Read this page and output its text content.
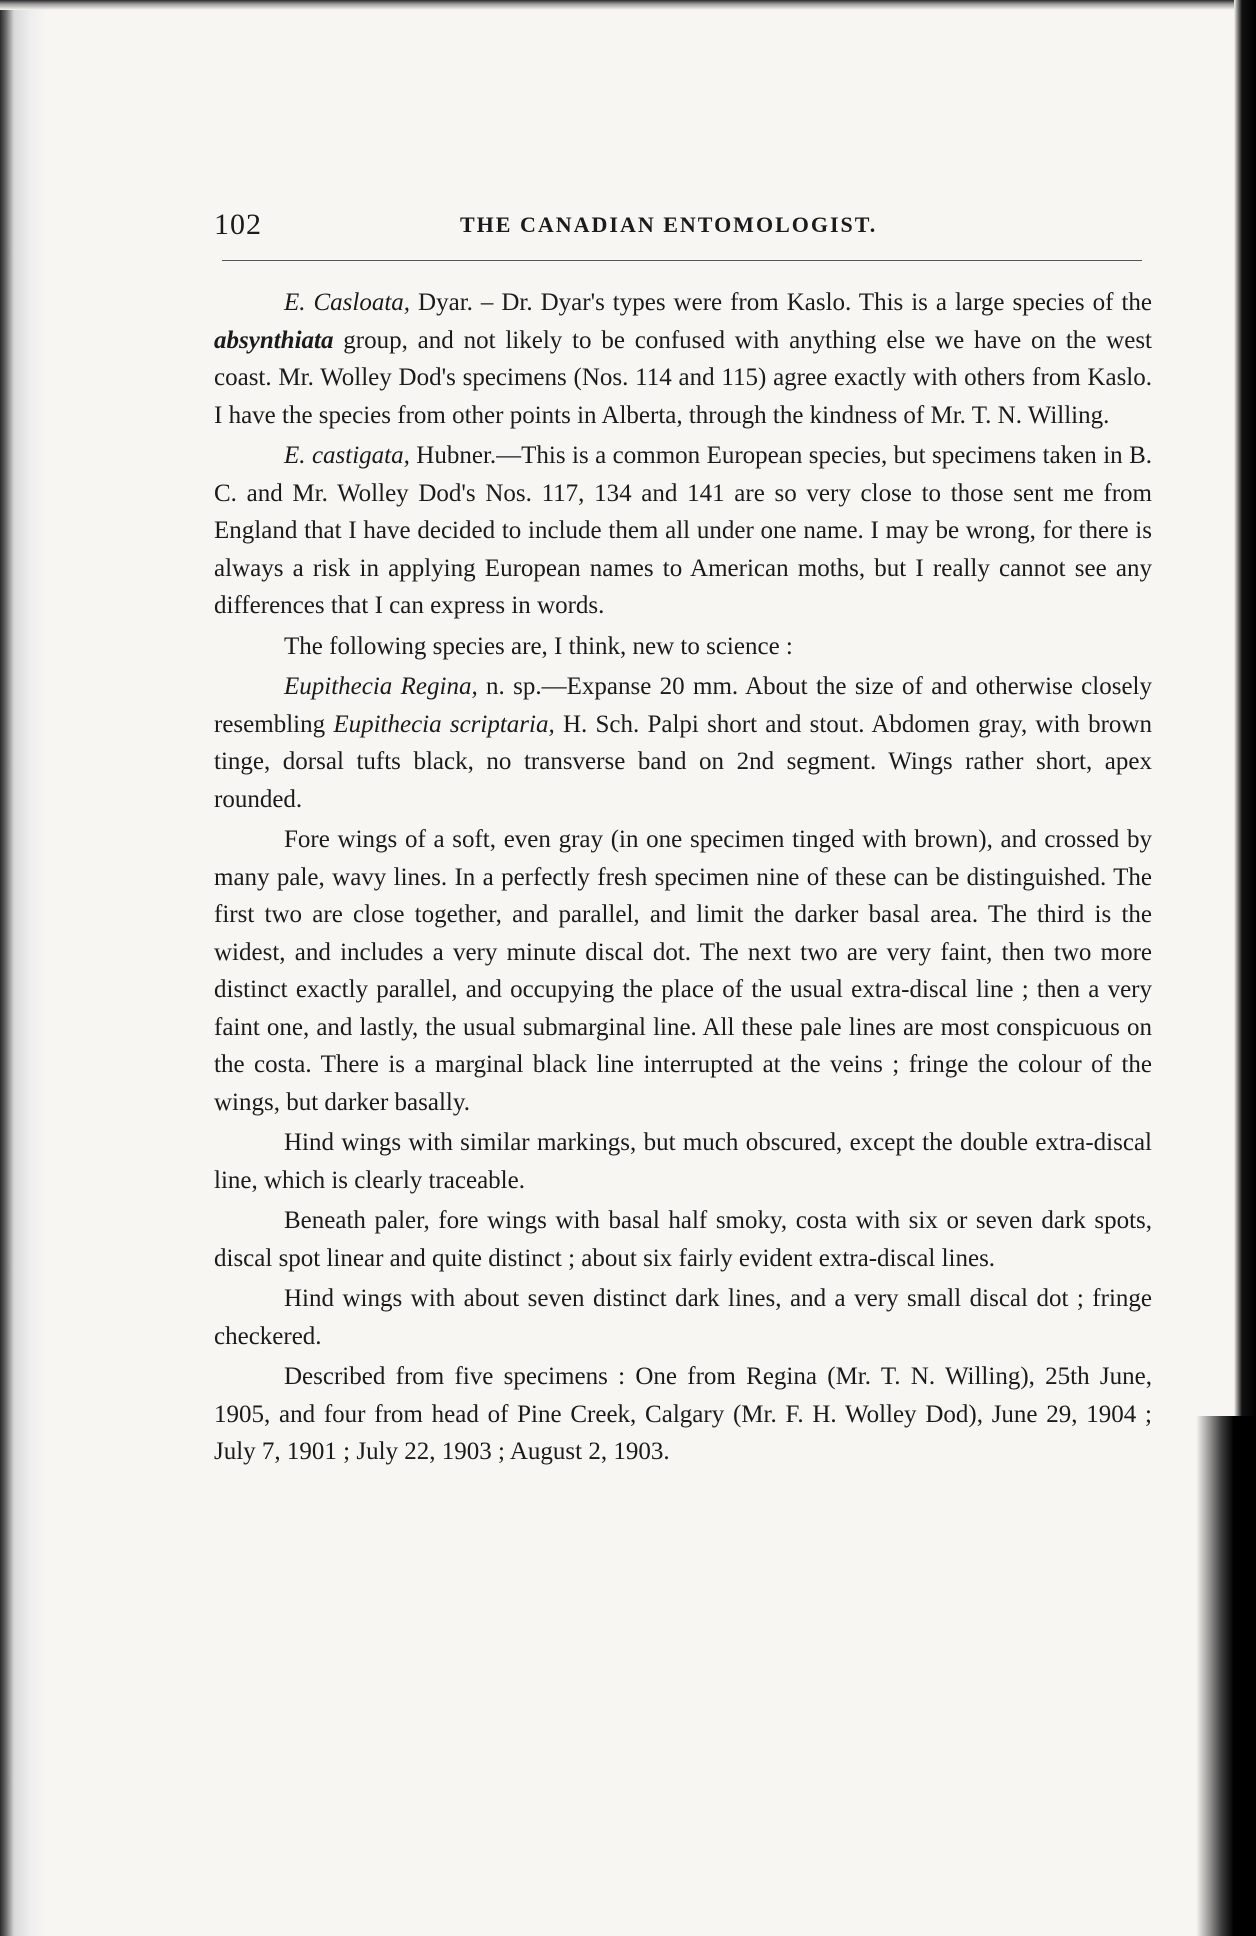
102	THE CANADIAN ENTOMOLOGIST.

E. Casloata, Dyar. – Dr. Dyar's types were from Kaslo. This is a large species of the absynthiata group, and not likely to be confused with anything else we have on the west coast. Mr. Wolley Dod's specimens (Nos. 114 and 115) agree exactly with others from Kaslo. I have the species from other points in Alberta, through the kindness of Mr. T. N. Willing.

E. castigata, Hubner.—This is a common European species, but specimens taken in B. C. and Mr. Wolley Dod's Nos. 117, 134 and 141 are so very close to those sent me from England that I have decided to include them all under one name. I may be wrong, for there is always a risk in applying European names to American moths, but I really cannot see any differences that I can express in words.

The following species are, I think, new to science :

Eupithecia Regina, n. sp.—Expanse 20 mm. About the size of and otherwise closely resembling Eupithecia scriptaria, H. Sch. Palpi short and stout. Abdomen gray, with brown tinge, dorsal tufts black, no transverse band on 2nd segment. Wings rather short, apex rounded.

Fore wings of a soft, even gray (in one specimen tinged with brown), and crossed by many pale, wavy lines. In a perfectly fresh specimen nine of these can be distinguished. The first two are close together, and parallel, and limit the darker basal area. The third is the widest, and includes a very minute discal dot. The next two are very faint, then two more distinct exactly parallel, and occupying the place of the usual extra-discal line ; then a very faint one, and lastly, the usual submarginal line. All these pale lines are most conspicuous on the costa. There is a marginal black line interrupted at the veins ; fringe the colour of the wings, but darker basally.

Hind wings with similar markings, but much obscured, except the double extra-discal line, which is clearly traceable.

Beneath paler, fore wings with basal half smoky, costa with six or seven dark spots, discal spot linear and quite distinct ; about six fairly evident extra-discal lines.

Hind wings with about seven distinct dark lines, and a very small discal dot ; fringe checkered.

Described from five specimens : One from Regina (Mr. T. N. Willing), 25th June, 1905, and four from head of Pine Creek, Calgary (Mr. F. H. Wolley Dod), June 29, 1904 ; July 7, 1901 ; July 22, 1903 ; August 2, 1903.
